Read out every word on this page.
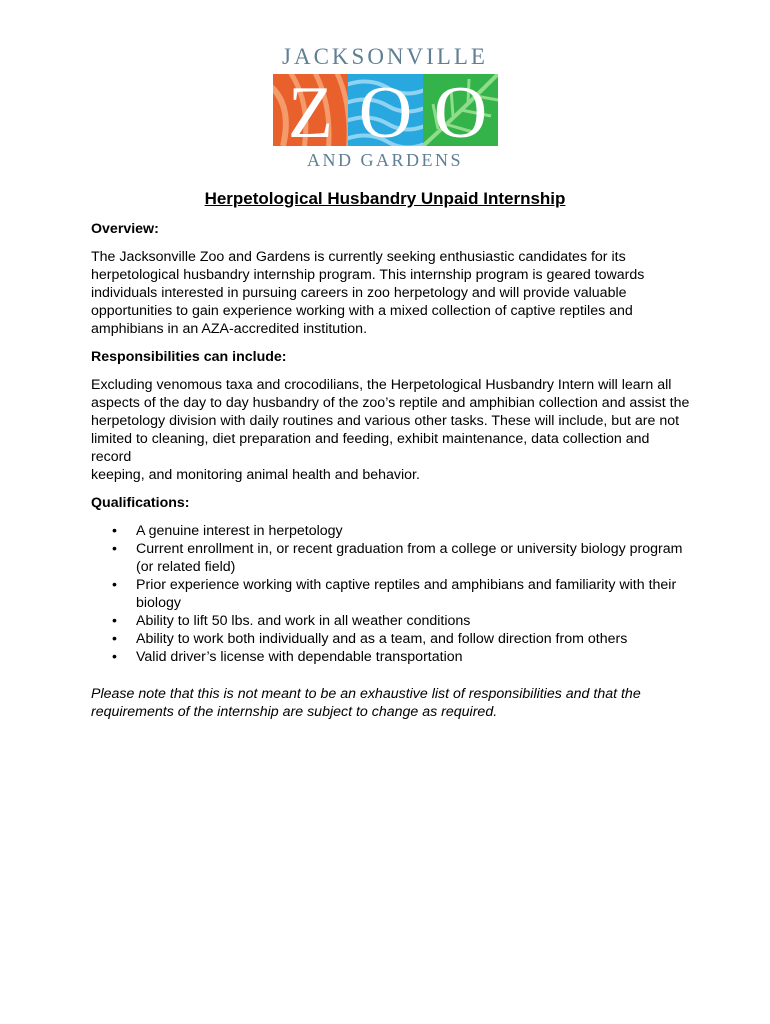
JACKSONVILLE
Z O O
AND GARDENS
Herpetological Husbandry Unpaid Internship
Overview:
The Jacksonville Zoo and Gardens is currently seeking enthusiastic candidates for its
herpetological husbandry internship program. This internship program is geared towards
individuals interested in pursuing careers in zoo herpetology and will provide valuable
opportunities to gain experience working with a mixed collection of captive reptiles and
amphibians in an AZA-accredited institution.
Responsibilities can include:
Excluding venomous taxa and crocodilians, the Herpetological Husbandry Intern will learn all
aspects of the day to day husbandry of the zoo’s reptile and amphibian collection and assist the
herpetology division with daily routines and various other tasks. These will include, but are not
limited to cleaning, diet preparation and feeding, exhibit maintenance, data collection and record
keeping, and monitoring animal health and behavior.
Qualifications:
• A genuine interest in herpetology
• Current enrollment in, or recent graduation from a college or university biology program
(or related field)
• Prior experience working with captive reptiles and amphibians and familiarity with their
biology
• Ability to lift 50 lbs. and work in all weather conditions
• Ability to work both individually and as a team, and follow direction from others
• Valid driver’s license with dependable transportation
Please note that this is not meant to be an exhaustive list of responsibilities and that the
requirements of the internship are subject to change as required.
